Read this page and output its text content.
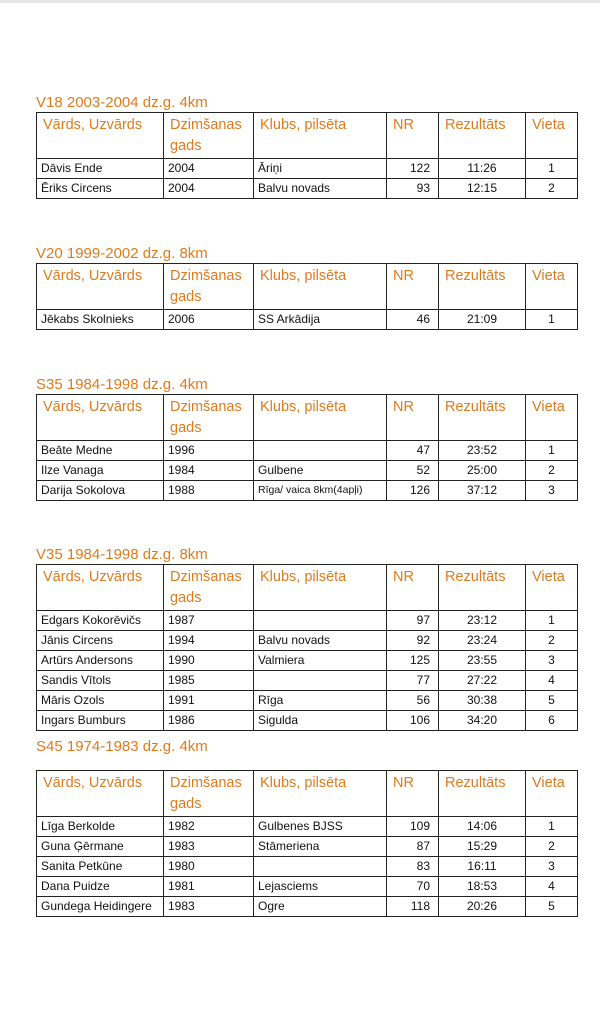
V18 2003-2004 dz.g. 4km
Vārds, Uzvārds	Dzimšanas gads	Klubs, pilsēta	NR	Rezultāts	Vieta
Dāvis Ende	2004	Āriņi	122	11:26	1
Ēriks Circens	2004	Balvu novads	93	12:15	2
V20 1999-2002 dz.g. 8km
Vārds, Uzvārds	Dzimšanas gads	Klubs, pilsēta	NR	Rezultāts	Vieta
Jēkabs Skolnieks	2006	SS Arkādija	46	21:09	1
S35 1984-1998 dz.g. 4km
Vārds, Uzvārds	Dzimšanas gads	Klubs, pilsēta	NR	Rezultāts	Vieta
Beāte Medne	1996		47	23:52	1
Ilze Vanaga	1984	Gulbene	52	25:00	2
Darija Sokolova	1988	Rīga/ vaica 8km(4apļi)	126	37:12	3
V35 1984-1998 dz.g. 8km
Vārds, Uzvārds	Dzimšanas gads	Klubs, pilsēta	NR	Rezultāts	Vieta
Edgars Kokorēvičs	1987		97	23:12	1
Jānis Circens	1994	Balvu novads	92	23:24	2
Artūrs Andersons	1990	Valmiera	125	23:55	3
Sandis Vītols	1985		77	27:22	4
Māris Ozols	1991	Rīga	56	30:38	5
Ingars Bumburs	1986	Sigulda	106	34:20	6
S45 1974-1983 dz.g. 4km
Vārds, Uzvārds	Dzimšanas gads	Klubs, pilsēta	NR	Rezultāts	Vieta
Līga Berkolde	1982	Gulbenes BJSS	109	14:06	1
Guna Ģērmane	1983	Stāmeriena	87	15:29	2
Sanita Petkūne	1980		83	16:11	3
Dana Puidze	1981	Lejasciems	70	18:53	4
Gundega Heidingere	1983	Ogre	118	20:26	5
